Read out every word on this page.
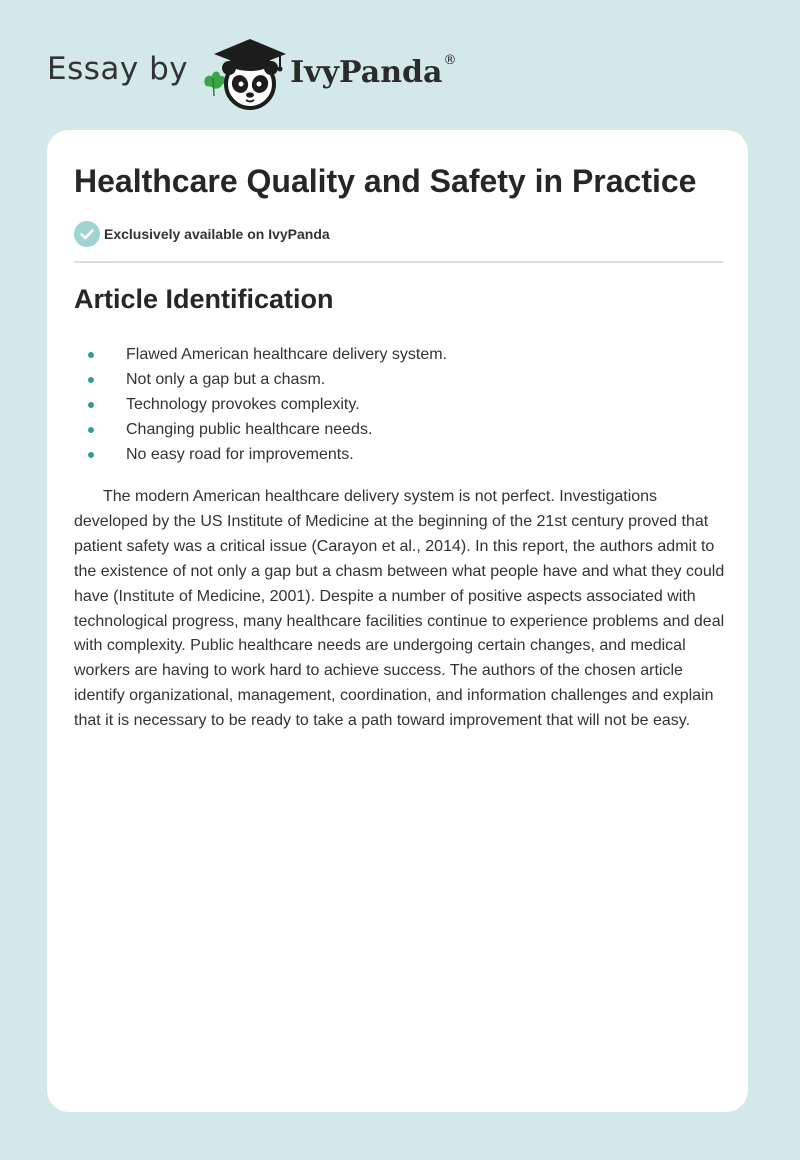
Essay by	IvyPanda ®
Healthcare Quality and Safety in Practice
Exclusively available on IvyPanda
Article Identification
Flawed American healthcare delivery system.
Not only a gap but a chasm.
Technology provokes complexity.
Changing public healthcare needs.
No easy road for improvements.

The modern American healthcare delivery system is not perfect. Investigations developed by the US Institute of Medicine at the beginning of the 21st century proved that patient safety was a critical issue (Carayon et al., 2014). In this report, the authors admit to the existence of not only a gap but a chasm between what people have and what they could have (Institute of Medicine, 2001). Despite a number of positive aspects associated with technological progress, many healthcare facilities continue to experience problems and deal with complexity. Public healthcare needs are undergoing certain changes, and medical workers are having to work hard to achieve success. The authors of the chosen article identify organizational, management, coordination, and information challenges and explain that it is necessary to be ready to take a path toward improvement that will not be easy.
